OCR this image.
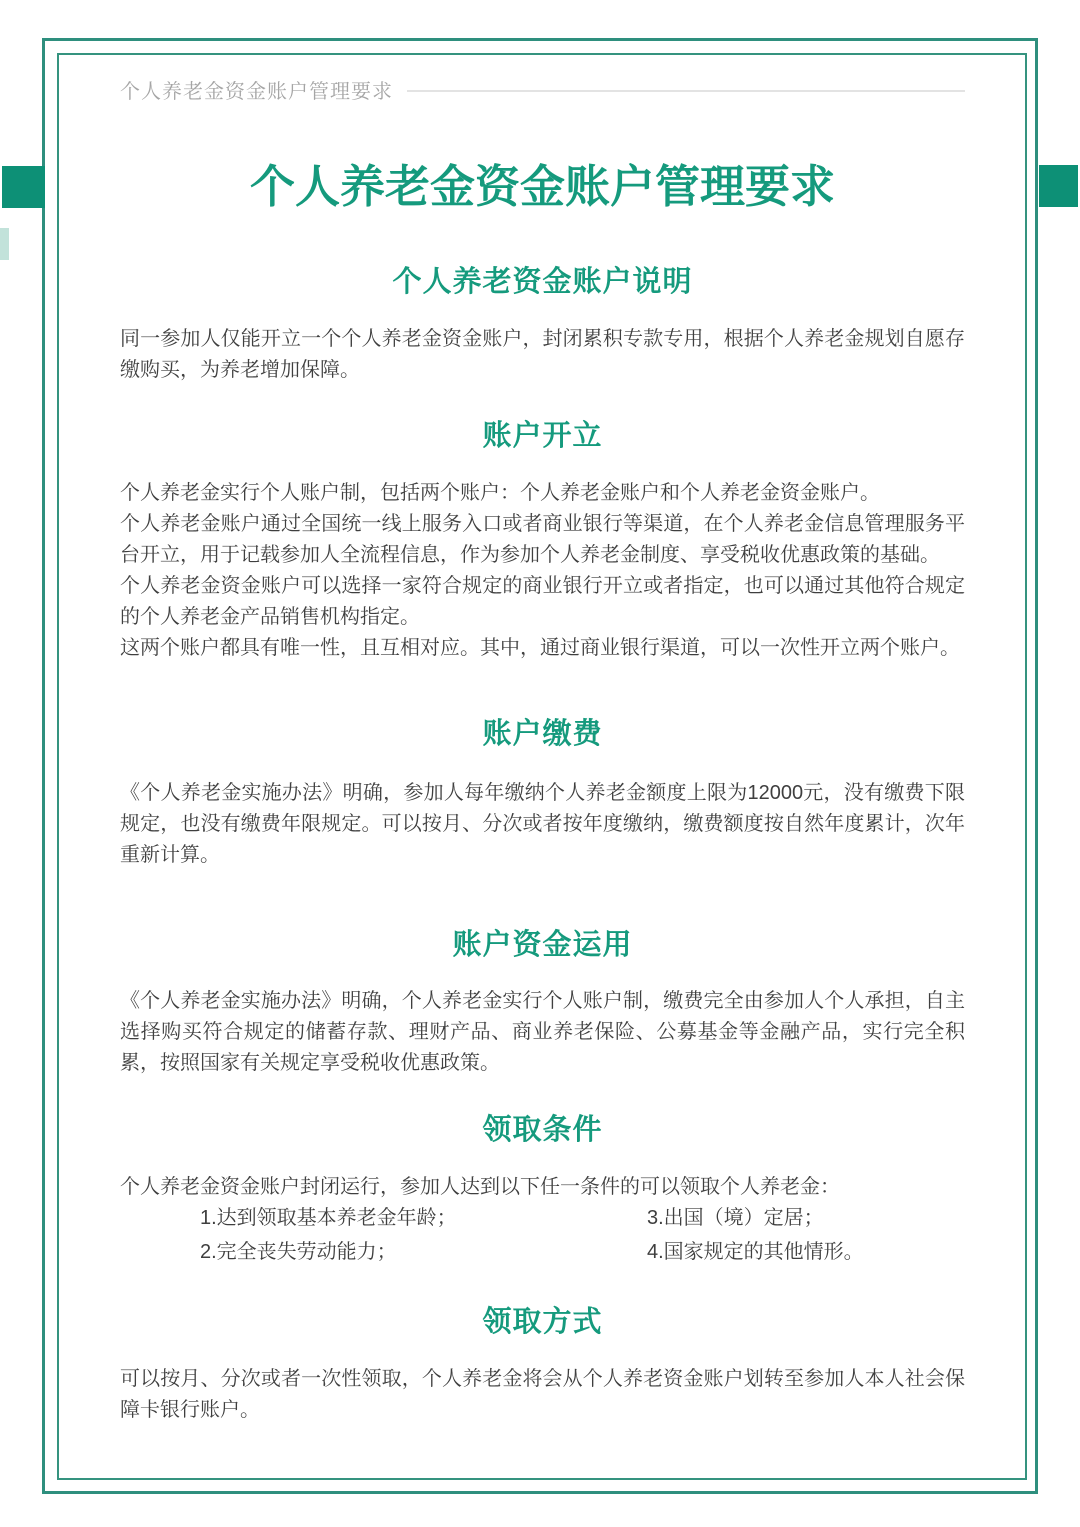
个人养老金资金账户管理要求
个人养老金资金账户管理要求
个人养老资金账户说明

同一参加人仅能开立一个个人养老金资金账户，封闭累积专款专用，根据个人养老金规划自愿存缴购买，为养老增加保障。

账户开立

个人养老金实行个人账户制，包括两个账户：个人养老金账户和个人养老金资金账户。

个人养老金账户通过全国统一线上服务入口或者商业银行等渠道，在个人养老金信息管理服务平台开立，用于记载参加人全流程信息，作为参加个人养老金制度、享受税收优惠政策的基础。

个人养老金资金账户可以选择一家符合规定的商业银行开立或者指定，也可以通过其他符合规定的个人养老金产品销售机构指定。

这两个账户都具有唯一性，且互相对应。其中，通过商业银行渠道，可以一次性开立两个账户。

账户缴费

《个人养老金实施办法》明确，参加人每年缴纳个人养老金额度上限为12000元，没有缴费下限规定，也没有缴费年限规定。可以按月、分次或者按年度缴纳，缴费额度按自然年度累计，次年重新计算。

账户资金运用

《个人养老金实施办法》明确，个人养老金实行个人账户制，缴费完全由参加人个人承担，自主选择购买符合规定的储蓄存款、理财产品、商业养老保险、公募基金等金融产品，实行完全积累，按照国家有关规定享受税收优惠政策。

领取条件

个人养老金资金账户封闭运行，参加人达到以下任一条件的可以领取个人养老金：

1.达到领取基本养老金年龄；	3.出国（境）定居；
2.完全丧失劳动能力；	4.国家规定的其他情形。
领取方式

可以按月、分次或者一次性领取，个人养老金将会从个人养老资金账户划转至参加人本人社会保障卡银行账户。
